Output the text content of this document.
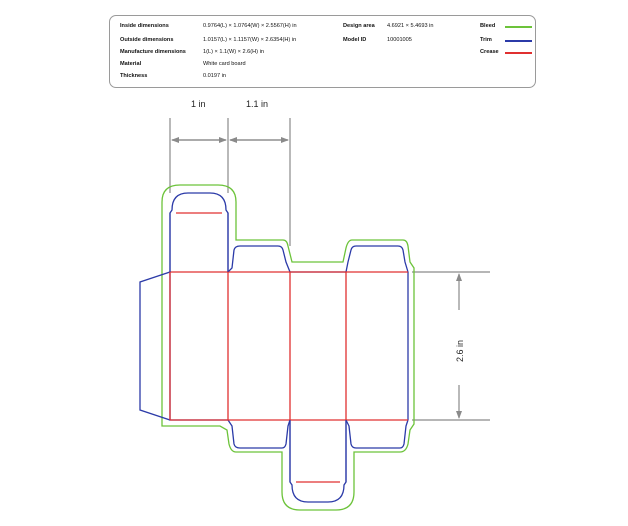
Inside dimensions	0.9764(L) × 1.0764(W) × 2.5567(H) in
Outside dimensions	1.0157(L) × 1.1157(W) × 2.6354(H) in
Manufacture dimensions	1(L) × 1.1(W) × 2.6(H) in
Material	White card board
Thickness	0.0197 in
Design area 4.6921 × 5.4693 in
Model ID	10001005
Bleed
Trim
Crease
1 in	1.1 in
2.6 in
